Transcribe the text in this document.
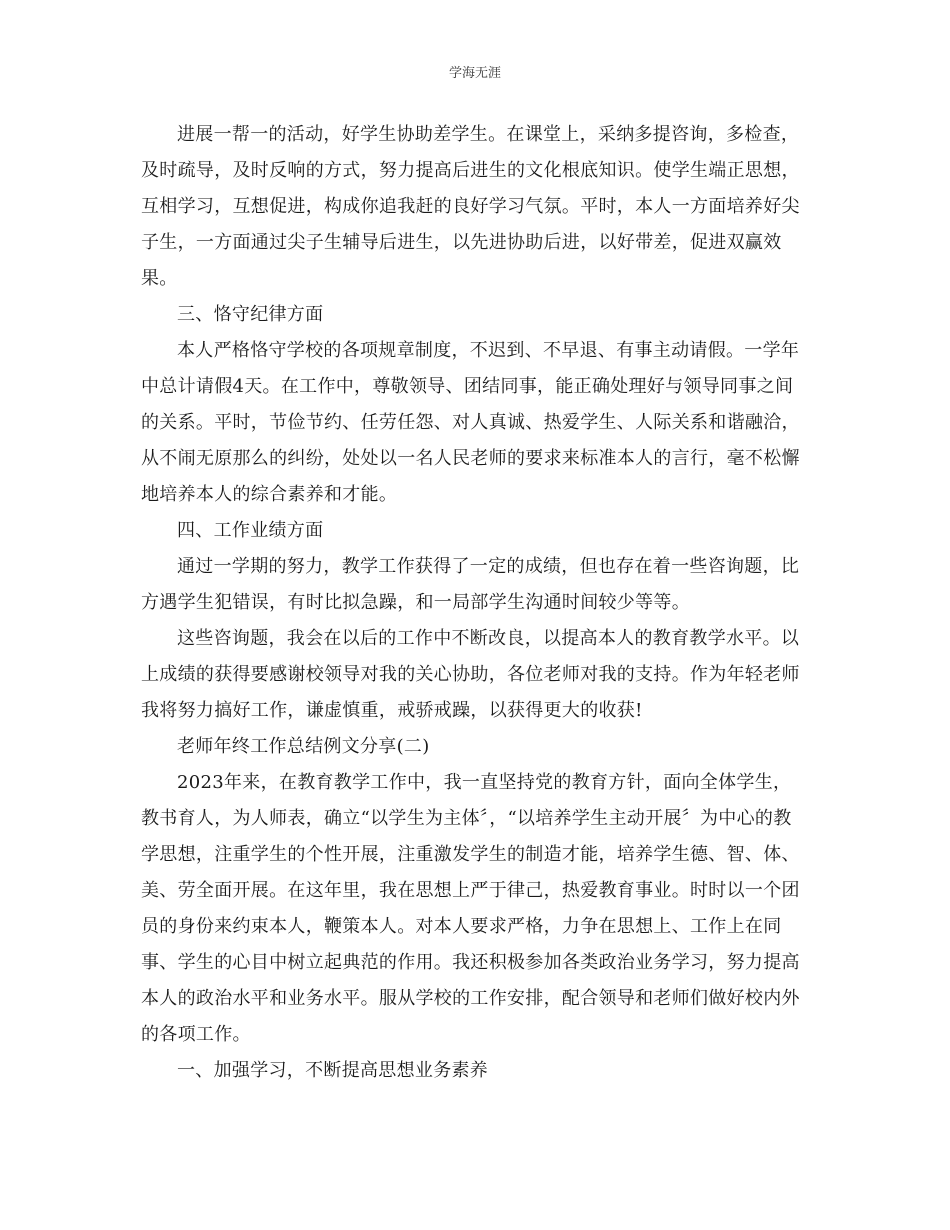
学海无涯

进展一帮一的活动，好学生协助差学生。在课堂上，采纳多提咨询，多检查，及时疏导，及时反响的方式，努力提高后进生的文化根底知识。使学生端正思想，互相学习，互想促进，构成你追我赶的良好学习气氛。平时，本人一方面培养好尖子生，一方面通过尖子生辅导后进生，以先进协助后进，以好带差，促进双赢效果。

三、恪守纪律方面

本人严格恪守学校的各项规章制度，不迟到、不早退、有事主动请假。一学年中总计请假4天。在工作中，尊敬领导、团结同事，能正确处理好与领导同事之间的关系。平时，节俭节约、任劳任怨、对人真诚、热爱学生、人际关系和谐融洽，从不闹无原那么的纠纷，处处以一名人民老师的要求来标准本人的言行，毫不松懈地培养本人的综合素养和才能。

四、工作业绩方面

通过一学期的努力，教学工作获得了一定的成绩，但也存在着一些咨询题，比方遇学生犯错误，有时比拟急躁，和一局部学生沟通时间较少等等。

这些咨询题，我会在以后的工作中不断改良，以提高本人的教育教学水平。以上成绩的获得要感谢校领导对我的关心协助，各位老师对我的支持。作为年轻老师我将努力搞好工作，谦虚慎重，戒骄戒躁，以获得更大的收获!

老师年终工作总结例文分享(二)

2023年来，在教育教学工作中，我一直坚持党的教育方针，面向全体学生，教书育人，为人师表，确立“以学生为主体〞，“以培养学生主动开展〞为中心的教学思想，注重学生的个性开展，注重激发学生的制造才能，培养学生德、智、体、美、劳全面开展。在这年里，我在思想上严于律己，热爱教育事业。时时以一个团员的身份来约束本人，鞭策本人。对本人要求严格，力争在思想上、工作上在同事、学生的心目中树立起典范的作用。我还积极参加各类政治业务学习，努力提高本人的政治水平和业务水平。服从学校的工作安排，配合领导和老师们做好校内外的各项工作。

一、加强学习，不断提高思想业务素养
